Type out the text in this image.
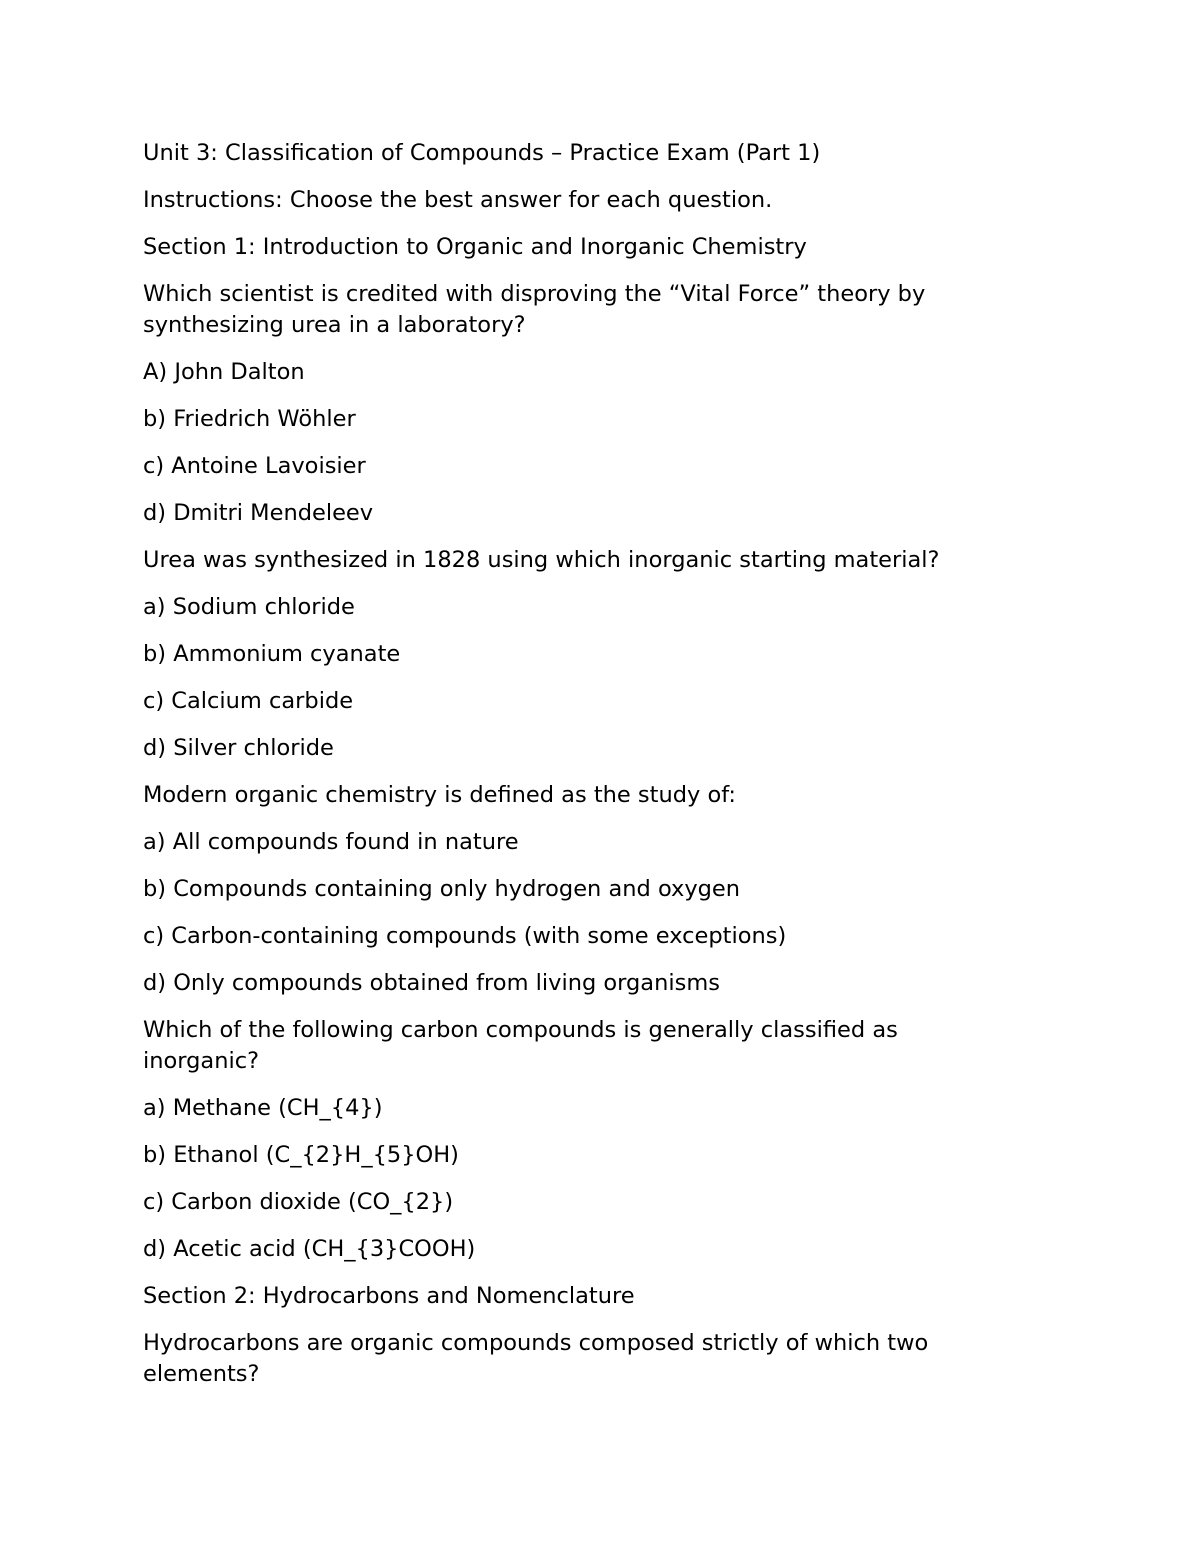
Unit 3: Classification of Compounds – Practice Exam (Part 1)

Instructions: Choose the best answer for each question.

Section 1: Introduction to Organic and Inorganic Chemistry

Which scientist is credited with disproving the “Vital Force” theory by synthesizing urea in a laboratory?

A) John Dalton

b) Friedrich Wöhler

c) Antoine Lavoisier

d) Dmitri Mendeleev

Urea was synthesized in 1828 using which inorganic starting material?

a) Sodium chloride

b) Ammonium cyanate

c) Calcium carbide

d) Silver chloride

Modern organic chemistry is defined as the study of:

a) All compounds found in nature

b) Compounds containing only hydrogen and oxygen

c) Carbon-containing compounds (with some exceptions)

d) Only compounds obtained from living organisms

Which of the following carbon compounds is generally classified as inorganic?

a) Methane (CH_{4})

b) Ethanol (C_{2}H_{5}OH)

c) Carbon dioxide (CO_{2})

d) Acetic acid (CH_{3}COOH)

Section 2: Hydrocarbons and Nomenclature

Hydrocarbons are organic compounds composed strictly of which two elements?
